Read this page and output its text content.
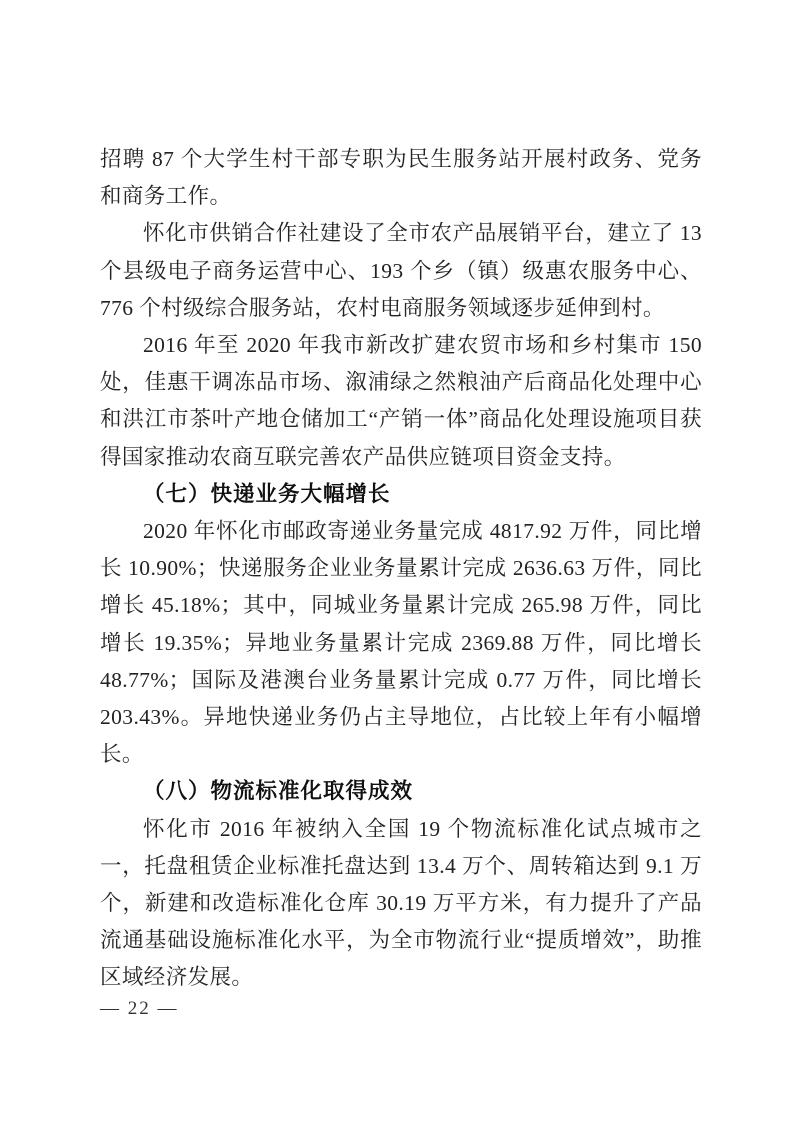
招聘 87 个大学生村干部专职为民生服务站开展村政务、党务和商务工作。

怀化市供销合作社建设了全市农产品展销平台，建立了 13 个县级电子商务运营中心、193 个乡（镇）级惠农服务中心、776 个村级综合服务站，农村电商服务领域逐步延伸到村。

2016 年至 2020 年我市新改扩建农贸市场和乡村集市 150 处，佳惠干调冻品市场、溆浦绿之然粮油产后商品化处理中心和洪江市茶叶产地仓储加工“产销一体”商品化处理设施项目获得国家推动农商互联完善农产品供应链项目资金支持。

（七）快递业务大幅增长

2020 年怀化市邮政寄递业务量完成 4817.92 万件，同比增长 10.90%；快递服务企业业务量累计完成 2636.63 万件，同比增长 45.18%；其中，同城业务量累计完成 265.98 万件，同比增长 19.35%；异地业务量累计完成 2369.88 万件，同比增长 48.77%；国际及港澳台业务量累计完成 0.77 万件，同比增长 203.43%。异地快递业务仍占主导地位，占比较上年有小幅增长。

（八）物流标准化取得成效

怀化市 2016 年被纳入全国 19 个物流标准化试点城市之一，托盘租赁企业标准托盘达到 13.4 万个、周转箱达到 9.1 万个，新建和改造标准化仓库 30.19 万平方米，有力提升了产品流通基础设施标准化水平，为全市物流行业“提质增效”，助推区域经济发展。

— 22 —
